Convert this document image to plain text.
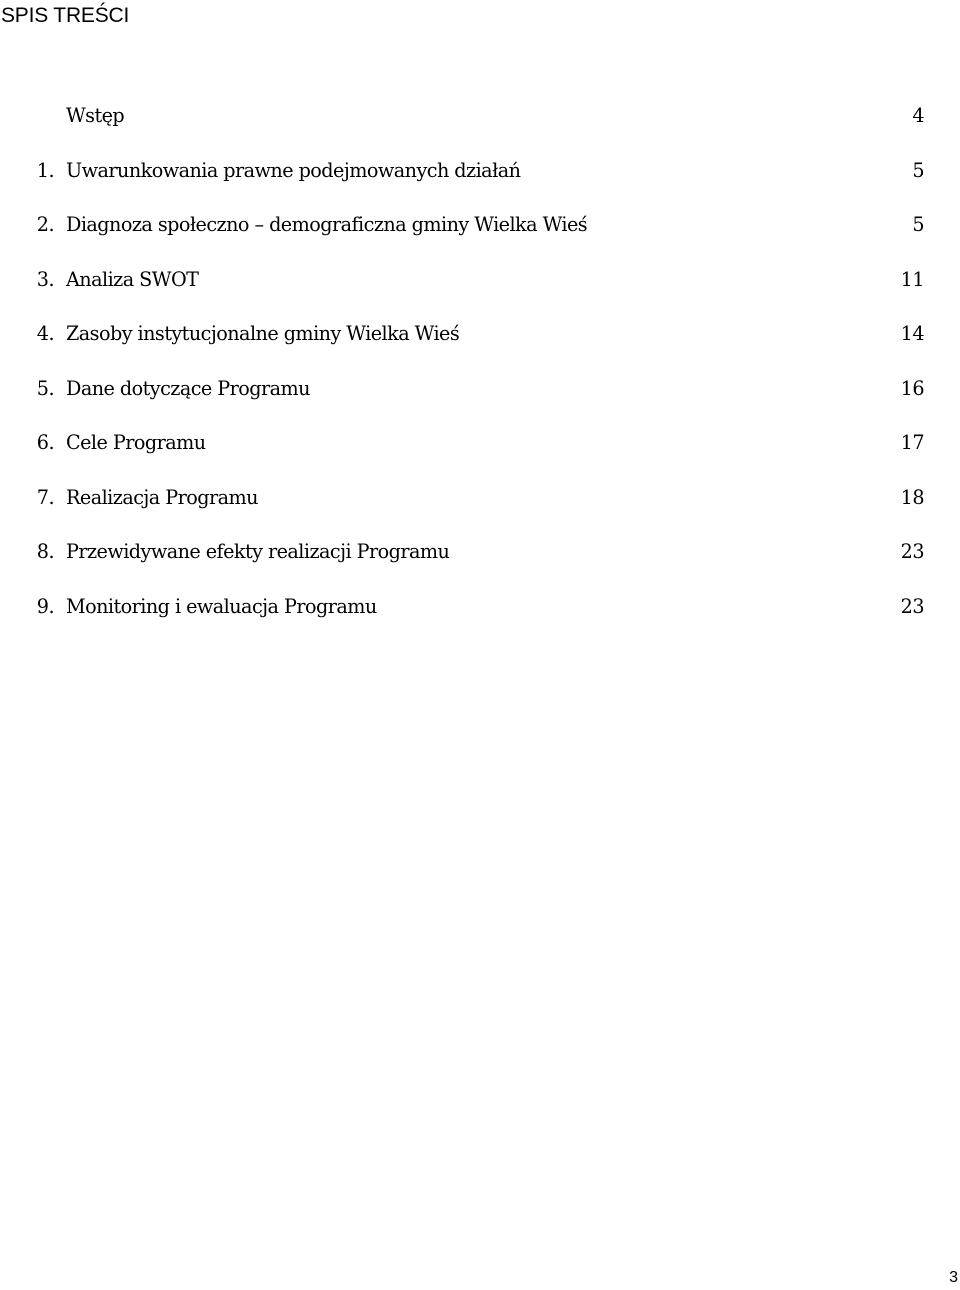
SPIS TREŚCI
Wstęp	4
1. Uwarunkowania prawne podejmowanych działań	5
2. Diagnoza społeczno – demograficzna gminy Wielka Wieś	5
3. Analiza SWOT	11
4. Zasoby instytucjonalne gminy Wielka Wieś	14
5. Dane dotyczące Programu	16
6. Cele Programu	17
7. Realizacja Programu	18
8. Przewidywane efekty realizacji Programu	23
9. Monitoring i ewaluacja Programu	23
3
